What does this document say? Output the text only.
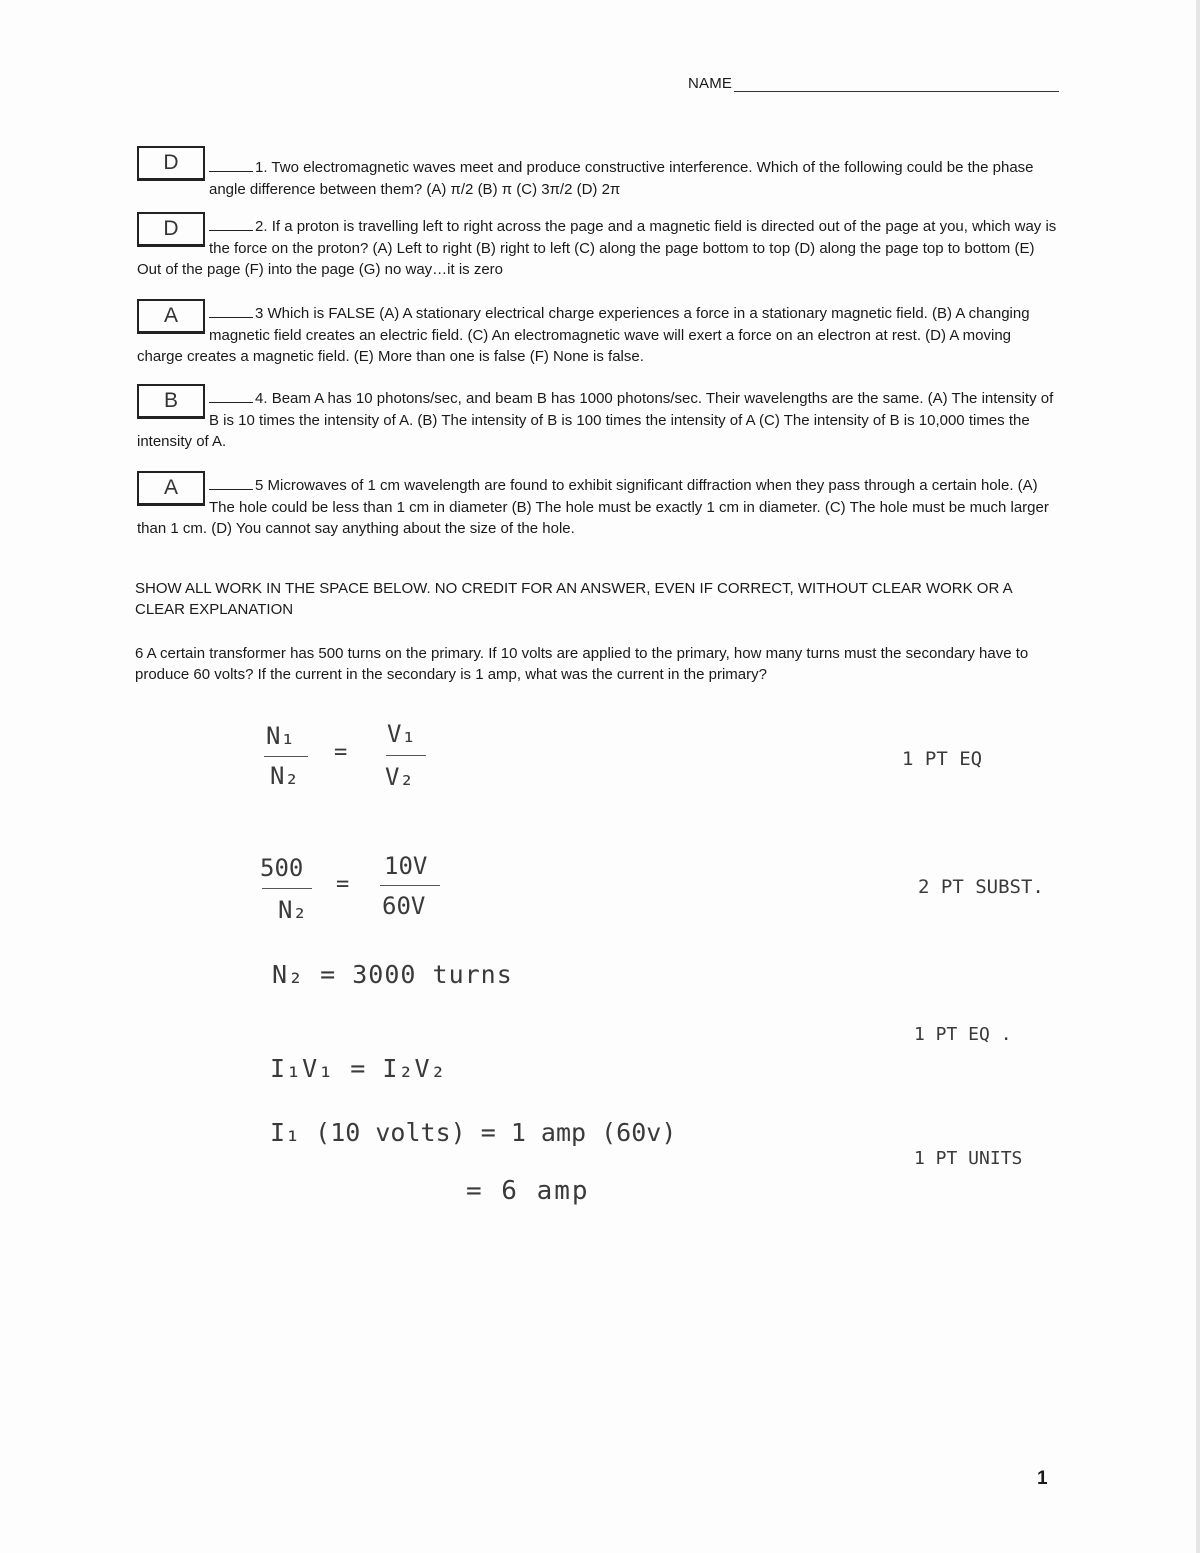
NAME
D	1. Two electromagnetic waves meet and produce constructive interference. Which of the following could be the phase angle difference between them? (A) π/2 (B) π (C) 3π/2 (D) 2π
D	2. If a proton is travelling left to right across the page and a magnetic field is directed out of the page at you, which way is the force on the proton? (A) Left to right (B) right to left (C) along the page bottom to top (D) along the page top to bottom (E) Out of the page (F) into the page (G) no way…it is zero
A	3 Which is FALSE (A) A stationary electrical charge experiences a force in a stationary magnetic field. (B) A changing magnetic field creates an electric field. (C) An electromagnetic wave will exert a force on an electron at rest. (D) A moving charge creates a magnetic field. (E) More than one is false (F) None is false.
B	4. Beam A has 10 photons/sec, and beam B has 1000 photons/sec. Their wavelengths are the same. (A) The intensity of B is 10 times the intensity of A. (B) The intensity of B is 100 times the intensity of A (C) The intensity of B is 10,000 times the intensity of A.
A	5 Microwaves of 1 cm wavelength are found to exhibit significant diffraction when they pass through a certain hole. (A) The hole could be less than 1 cm in diameter (B) The hole must be exactly 1 cm in diameter. (C) The hole must be much larger than 1 cm. (D) You cannot say anything about the size of the hole.
SHOW ALL WORK IN THE SPACE BELOW. NO CREDIT FOR AN ANSWER, EVEN IF CORRECT, WITHOUT CLEAR WORK OR A CLEAR EXPLANATION
6 A certain transformer has 500 turns on the primary. If 10 volts are applied to the primary, how many turns must the secondary have to produce 60 volts? If the current in the secondary is 1 amp, what was the current in the primary?
N₁
N₂
=
V₁
V₂
500
N₂
=
10V
60V
N₂ = 3000 turns
I₁V₁ = I₂V₂
I₁ (10 volts) = 1 amp (60v)
= 6 amp
1 PT EQ
2 PT SUBST.
1 PT EQ .
1 PT UNITS
1
